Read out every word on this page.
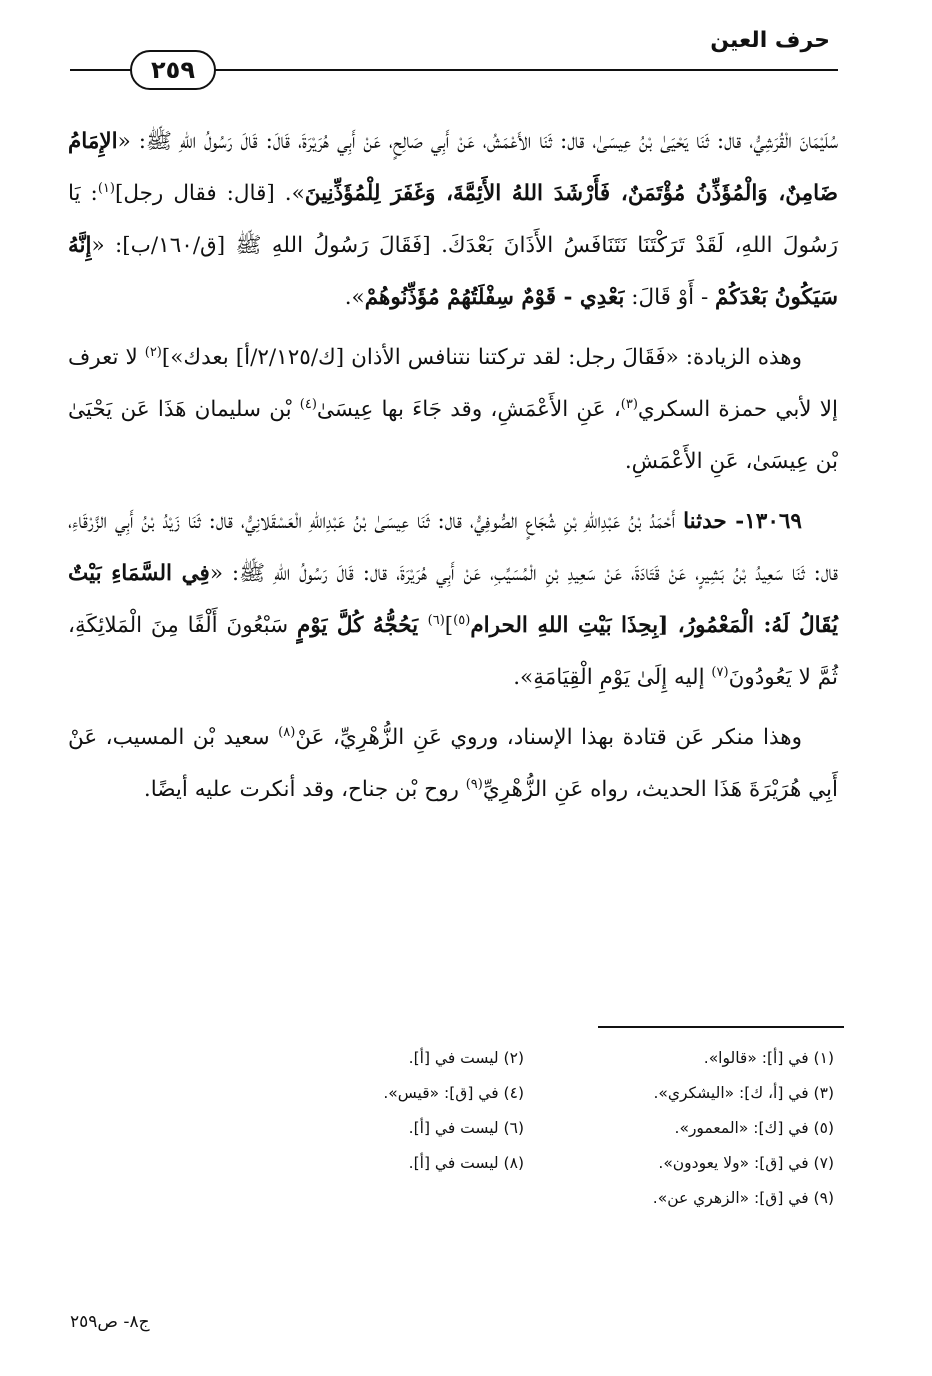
حرف العين
٢٥٩

سُلَيْمَانَ الْقُرَشِيُّ، قال: ثَنَا يَحْيَىٰ بْنُ عِيسَىٰ، قال: ثَنَا الأَعْمَشُ، عَنْ أَبِي صَالِحٍ، عَنْ أَبِي هُرَيْرَةَ، قَالَ: قَالَ رَسُولُ اللهِ ﷺ: «الإِمَامُ ضَامِنٌ، وَالْمُؤَذِّنُ مُؤْتَمَنٌ، فَأَرْشَدَ اللهُ الأَئِمَّةَ، وَغَفَرَ لِلْمُؤَذِّنِينَ». [قال: فقال رجل]$^{(١)}$: يَا رَسُولَ اللهِ، لَقَدْ تَرَكْتَنَا نَتَنَافَسُ الأَذَانَ بَعْدَكَ. [فَقَالَ رَسُولُ اللهِ ﷺ [ق/١٦٠/ب]: «إِنَّهُ سَيَكُونُ بَعْدَكُمْ - أَوْ قَالَ: بَعْدِي - قَوْمٌ سِفْلَتُهُمْ مُؤَذِّنُوهُمْ».

وهذه الزيادة: «فَقَالَ رجل: لقد تركتنا نتنافس الأذان [ك/٢/١٢٥/أ] بعدك»]$^{(٢)}$ لا تعرف إلا لأبي حمزة السكري$^{(٣)}$، عَنِ الأَعْمَشِ، وقد جَاءَ بها عِيسَىٰ$^{(٤)}$ بْن سليمان هَذَا عَن يَحْيَىٰ بْن عِيسَىٰ، عَنِ الأَعْمَشِ.

١٣٠٦٩- حدثنا أَحْمَدُ بْنُ عَبْدِاللهِ بْنِ شُجَاعٍ الصُّوفِيُّ، قال: ثَنَا عِيسَىٰ بْنُ عَبْدِاللهِ الْعَسْقَلانِيُّ، قال: ثَنَا زَيْدُ بْنُ أَبِي الزَّرْقَاءِ، قال: ثَنَا سَعِيدُ بْنُ بَشِيرٍ، عَنْ قَتَادَةَ، عَنْ سَعِيدِ بْنِ الْمُسَيِّبِ، عَنْ أَبِي هُرَيْرَةَ، قال: قَالَ رَسُولُ اللهِ ﷺ: «فِي السَّمَاءِ بَيْتٌ يُقَالُ لَهُ: الْمَعْمُورُ، [بِحِذَا بَيْتِ اللهِ الحرام$^{(٥)}$]$^{(٦)}$ يَحُجُّهُ كُلَّ يَوْمٍ سَبْعُونَ أَلْفًا مِنَ الْمَلائِكَةِ، ثُمَّ لا يَعُودُونَ$^{(٧)}$ إليه إِلَىٰ يَوْمِ الْقِيَامَةِ».

وهذا منكر عَن قتادة بهذا الإسناد، وروي عَنِ الزُّهْرِيِّ، عَنْ$^{(٨)}$ سعيد بْن المسيب، عَنْ أَبِي هُرَيْرَةَ هَذَا الحديث، رواه عَنِ الزُّهْرِيِّ$^{(٩)}$ روح بْن جناح، وقد أنكرت عليه أيضًا.

(١) في [أ]: «قالوا».
(٢) ليست في [أ].
(٣) في [أ، ك]: «اليشكري».
(٤) في [ق]: «قيس».
(٥) في [ك]: «المعمور».
(٦) ليست في [أ].
(٧) في [ق]: «ولا يعودون».
(٨) ليست في [أ].
(٩) في [ق]: «الزهري عن».
ج٨- ص٢٥٩
